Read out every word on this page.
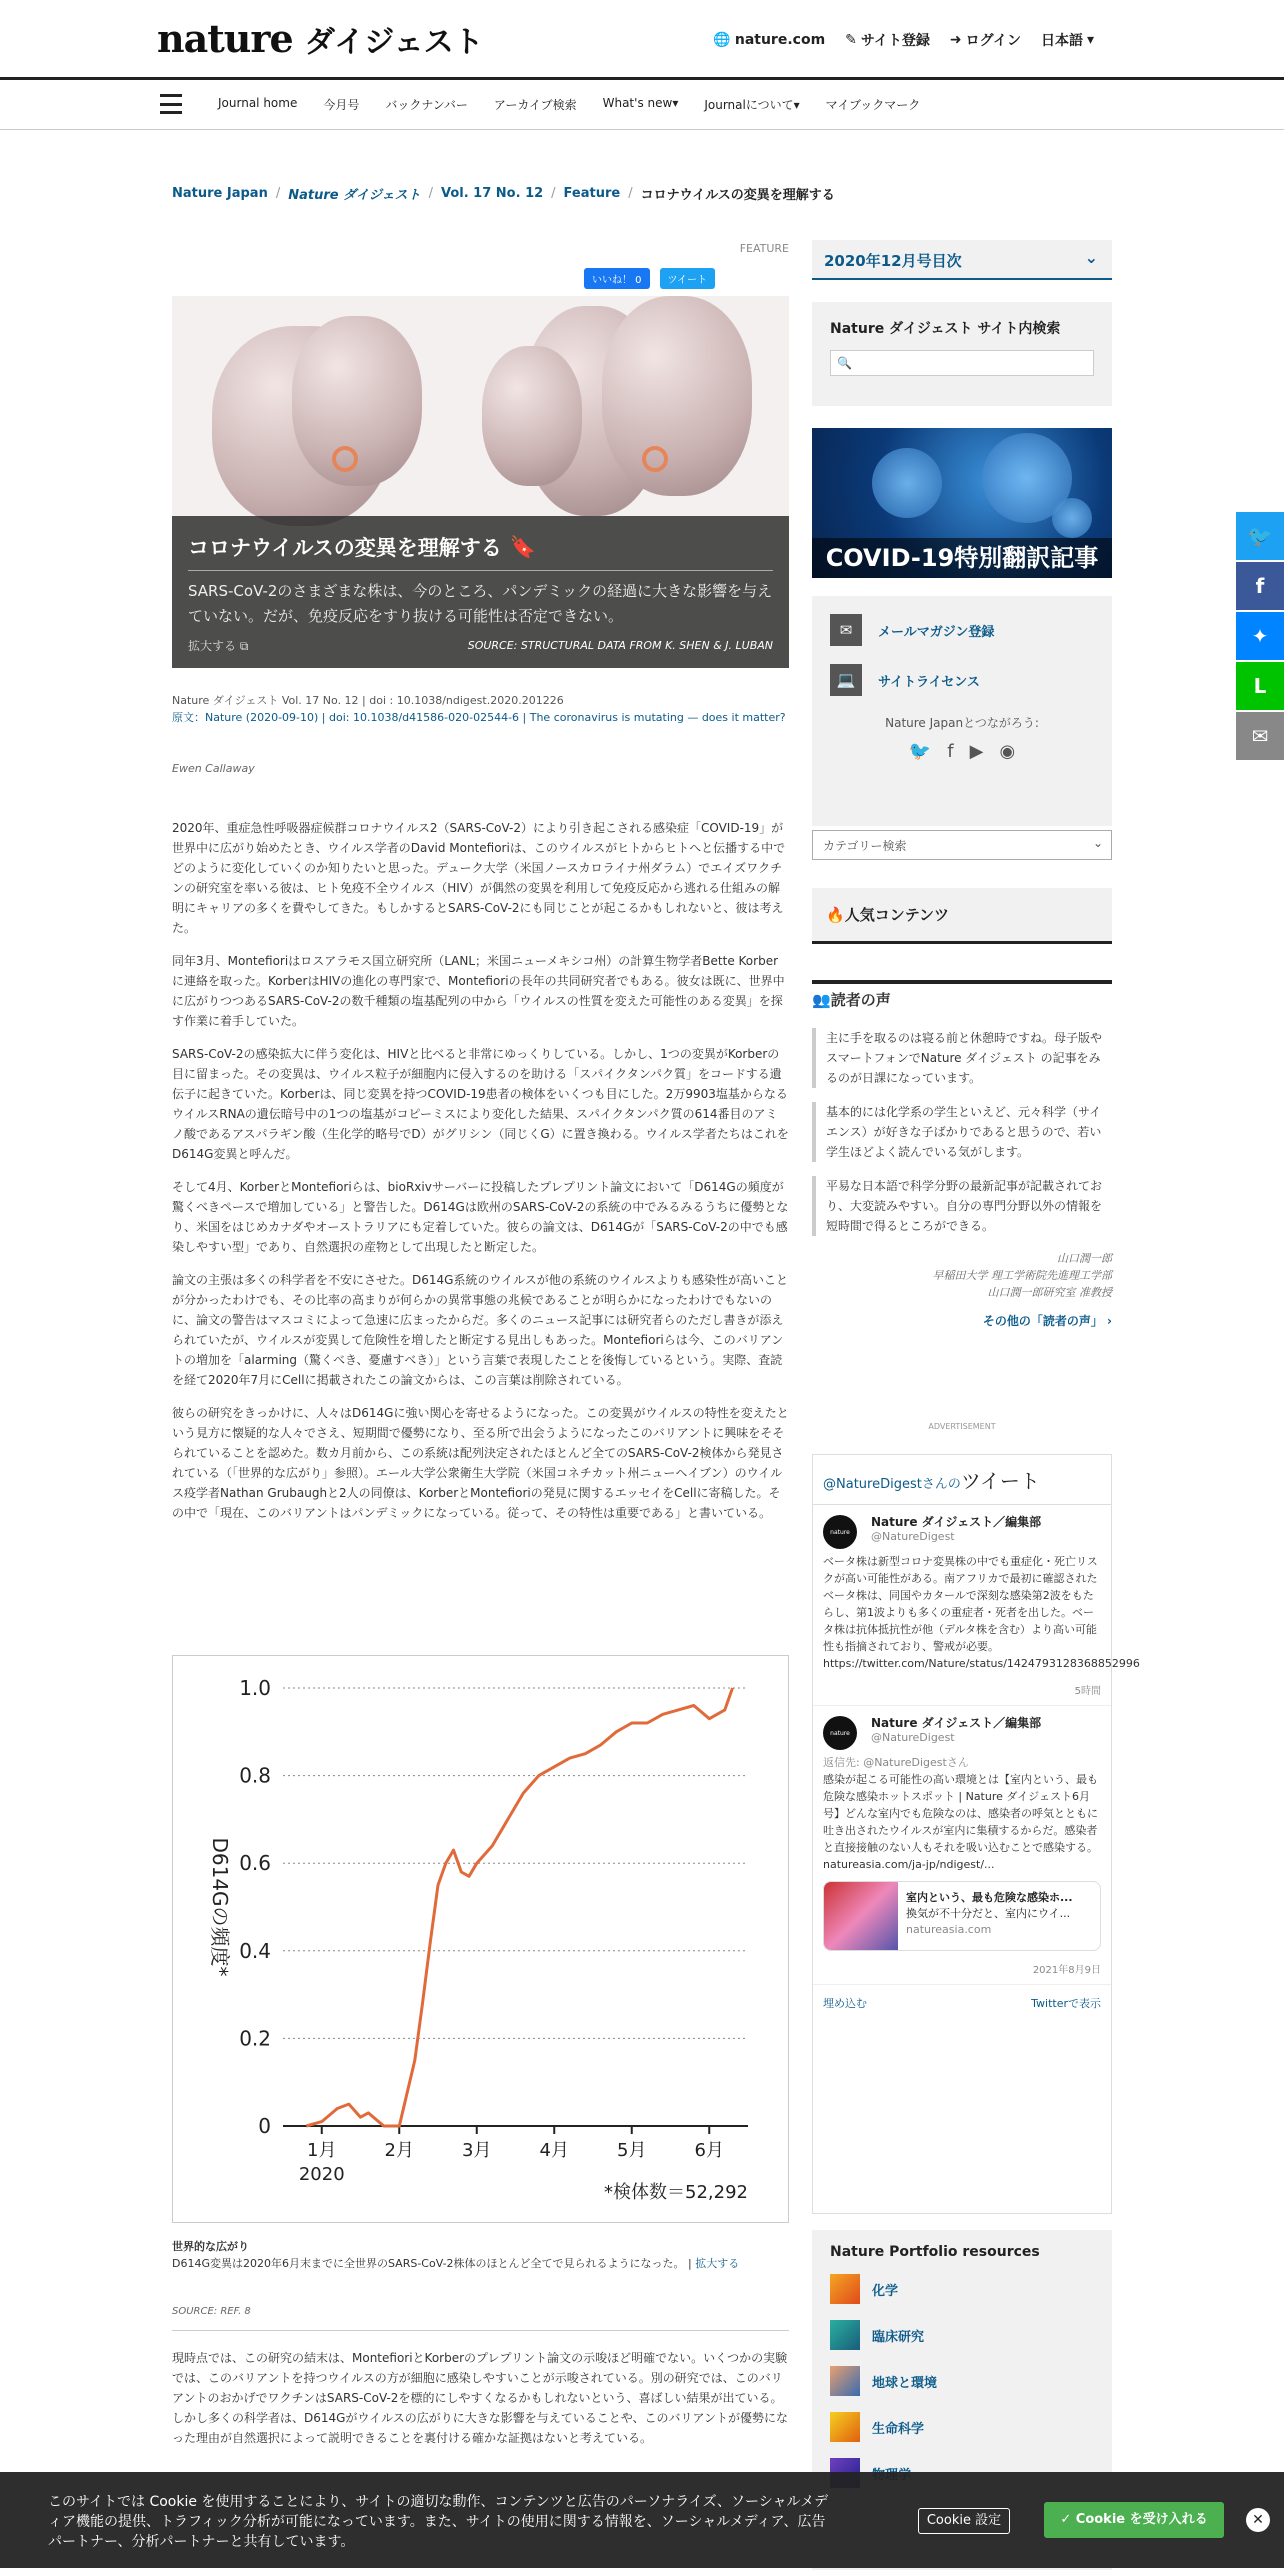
nature ダイジェスト	🌐 nature.com ✎ サイト登録 ➜ ログイン 日本語 ▾
Journal home 今月号 バックナンバー アーカイブ検索 What's new▾ Journalについて▾ マイブックマーク
Nature Japan / Nature ダイジェスト / Vol. 17 No. 12 / Feature / コロナウイルスの変異を理解する
FEATURE
いいね！ 0	ツイート
コロナウイルスの変異を理解する 🔖
SARS-CoV-2のさまざまな株は、今のところ、パンデミックの経過に大きな影響を与えていない。だが、免疫反応をすり抜ける可能性は否定できない。
拡大する ⧉	SOURCE: STRUCTURAL DATA FROM K. SHEN & J. LUBAN
Nature ダイジェスト Vol. 17 No. 12 | doi : 10.1038/ndigest.2020.201226
原文：Nature (2020-09-10) | doi: 10.1038/d41586-020-02544-6 | The coronavirus is mutating — does it matter?
Ewen Callaway

2020年、重症急性呼吸器症候群コロナウイルス2（SARS-CoV-2）により引き起こされる感染症「COVID-19」が世界中に広がり始めたとき、ウイルス学者のDavid Montefioriは、このウイルスがヒトからヒトへと伝播する中でどのように変化していくのか知りたいと思った。デューク大学（米国ノースカロライナ州ダラム）でエイズワクチンの研究室を率いる彼は、ヒト免疫不全ウイルス（HIV）が偶然の変異を利用して免疫反応から逃れる仕組みの解明にキャリアの多くを費やしてきた。もしかするとSARS-CoV-2にも同じことが起こるかもしれないと、彼は考えた。

同年3月、Montefioriはロスアラモス国立研究所（LANL；米国ニューメキシコ州）の計算生物学者Bette Korberに連絡を取った。KorberはHIVの進化の専門家で、Montefioriの長年の共同研究者でもある。彼女は既に、世界中に広がりつつあるSARS-CoV-2の数千種類の塩基配列の中から「ウイルスの性質を変えた可能性のある変異」を探す作業に着手していた。

SARS-CoV-2の感染拡大に伴う変化は、HIVと比べると非常にゆっくりしている。しかし、1つの変異がKorberの目に留まった。その変異は、ウイルス粒子が細胞内に侵入するのを助ける「スパイクタンパク質」をコードする遺伝子に起きていた。Korberは、同じ変異を持つCOVID-19患者の検体をいくつも目にした。2万9903塩基からなるウイルスRNAの遺伝暗号中の1つの塩基がコピーミスにより変化した結果、スパイクタンパク質の614番目のアミノ酸であるアスパラギン酸（生化学的略号でD）がグリシン（同じくG）に置き換わる。ウイルス学者たちはこれをD614G変異と呼んだ。

そして4月、KorberとMontefioriらは、bioRxivサーバーに投稿したプレプリント論文において「D614Gの頻度が驚くべきペースで増加している」と警告した。D614Gは欧州のSARS-CoV-2の系統の中でみるみるうちに優勢となり、米国をはじめカナダやオーストラリアにも定着していた。彼らの論文は、D614Gが「SARS-CoV-2の中でも感染しやすい型」であり、自然選択の産物として出現したと断定した。

論文の主張は多くの科学者を不安にさせた。D614G系統のウイルスが他の系統のウイルスよりも感染性が高いことが分かったわけでも、その比率の高まりが何らかの異常事態の兆候であることが明らかになったわけでもないのに、論文の警告はマスコミによって急速に広まったからだ。多くのニュース記事には研究者らのただし書きが添えられていたが、ウイルスが変異して危険性を増したと断定する見出しもあった。Montefioriらは今、このバリアントの増加を「alarming（驚くべき、憂慮すべき）」という言葉で表現したことを後悔しているという。実際、査読を経て2020年7月にCellに掲載されたこの論文からは、この言葉は削除されている。

彼らの研究をきっかけに、人々はD614Gに強い関心を寄せるようになった。この変異がウイルスの特性を変えたという見方に懐疑的な人々でさえ、短期間で優勢になり、至る所で出会うようになったこのバリアントに興味をそそられていることを認めた。数カ月前から、この系統は配列決定されたほとんど全てのSARS-CoV-2検体から発見されている（「世界的な広がり」参照）。エール大学公衆衛生大学院（米国コネチカット州ニューヘイブン）のウイルス疫学者Nathan Grubaughと2人の同僚は、KorberとMontefioriの発見に関するエッセイをCellに寄稿した。その中で「現在、このバリアントはパンデミックになっている。従って、その特性は重要である」と書いている。

0
0.2
0.4
0.6
0.8
1.0
1月	2月	3月	4月	5月	6月
2020
D614Gの頻度*
*検体数＝52,292
世界的な広がり
D614G変異は2020年6月末までに全世界のSARS-CoV-2株体のほとんど全てで見られるようになった。 | 拡大する
SOURCE: REF. 8

現時点では、この研究の結末は、MontefioriとKorberのプレプリント論文の示唆ほど明確でない。いくつかの実験では、このバリアントを持つウイルスの方が細胞に感染しやすいことが示唆されている。別の研究では、このバリアントのおかげでワクチンはSARS-CoV-2を標的にしやすくなるかもしれないという、喜ばしい結果が出ている。しかし多くの科学者は、D614Gがウイルスの広がりに大きな影響を与えていることや、このバリアントが優勢になった理由が自然選択によって説明できることを裏付ける確かな証拠はないと考えている。

2020年12月号目次	⌄
Nature ダイジェスト サイト内検索
🔍
COVID-19特別翻訳記事
✉	メールマガジン登録
💻	サイトライセンス
Nature Japanとつながろう:
🐦 f ▶ ◉
カテゴリー検索	⌄
🔥人気コンテンツ
👥読者の声
主に手を取るのは寝る前と休憩時ですね。母子版やスマートフォンでNature ダイジェスト の記事をみるのが日課になっています。
基本的には化学系の学生といえど、元々科学（サイエンス）が好きな子ばかりであると思うので、若い学生ほどよく読んでいる気がします。
平易な日本語で科学分野の最新記事が記載されており、大変読みやすい。自分の専門分野以外の情報を短時間で得るところができる。
山口潤一郎
早稲田大学 理工学術院先進理工学部
山口潤一郎研究室 准教授
その他の「読者の声」 ›
ADVERTISEMENT
@NatureDigestさんのツイート
nature
Nature ダイジェスト／編集部
@NatureDigest
ベータ株は新型コロナ変異株の中でも重症化・死亡リスクが高い可能性がある。南アフリカで最初に確認されたベータ株は、同国やカタールで深刻な感染第2波をもたらし、第1波よりも多くの重症者・死者を出した。ベータ株は抗体抵抗性が他（デルタ株を含む）より高い可能性も指摘されており、警戒が必要。 https://twitter.com/Nature/status/1424793128368852996
5時間
nature
Nature ダイジェスト／編集部
@NatureDigest
返信先: @NatureDigestさん
感染が起こる可能性の高い環境とは【室内という、最も危険な感染ホットスポット | Nature ダイジェスト6月号】どんな室内でも危険なのは、感染者の呼気とともに吐き出されたウイルスが室内に集積するからだ。感染者と直接接触のない人もそれを吸い込むことで感染する。 natureasia.com/ja-jp/ndigest/...
室内という、最も危険な感染ホ...
換気が不十分だと、室内にウイ...
natureasia.com
2021年8月9日
埋め込む	Twitterで表示
Nature Portfolio resources
化学
臨床研究
地球と環境
生命科学
🐦
f
✦
L
✉
このサイトでは Cookie を使用することにより、サイトの適切な動作、コンテンツと広告のパーソナライズ、ソーシャルメディア機能の提供、トラフィック分析が可能になっています。また、サイトの使用に関する情報を、ソーシャルメディア、広告パートナー、分析パートナーと共有しています。
Cookie 設定	✓ Cookie を受け入れる	✕
